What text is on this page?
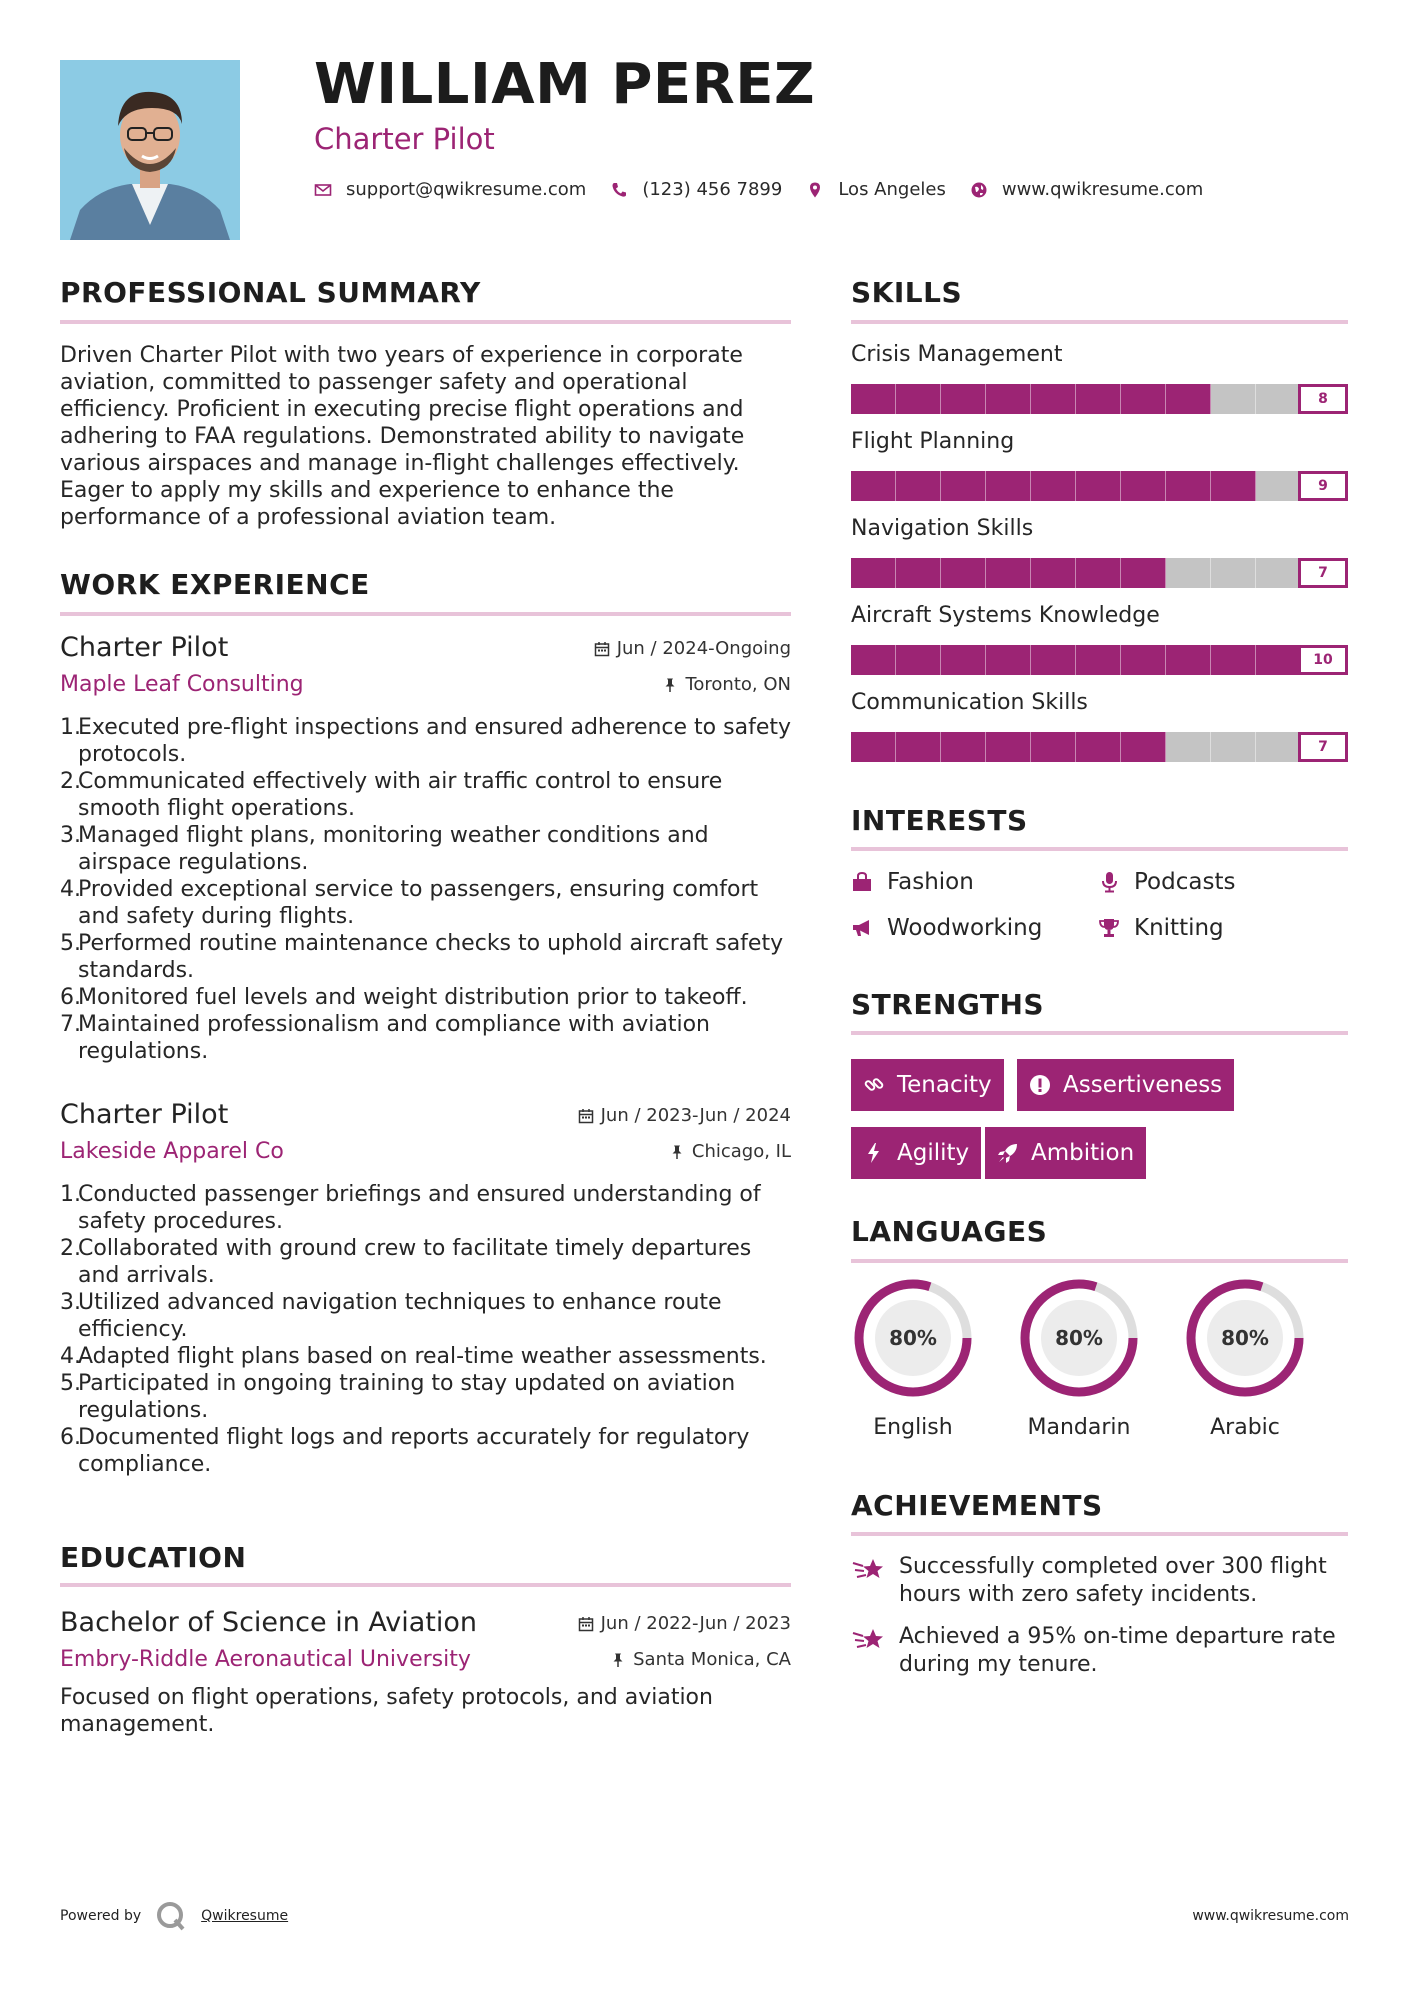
WILLIAM PEREZ
Charter Pilot
support@qwikresume.com	(123) 456 7899	Los Angeles	www.qwikresume.com
PROFESSIONAL SUMMARY
Driven Charter Pilot with two years of experience in corporate aviation, committed to passenger safety and operational efficiency. Proficient in executing precise flight operations and adhering to FAA regulations. Demonstrated ability to navigate various airspaces and manage in-flight challenges effectively. Eager to apply my skills and experience to enhance the performance of a professional aviation team.
WORK EXPERIENCE
Charter Pilot
Maple Leaf Consulting
Jun / 2024-Ongoing
Toronto, ON
1.
Executed pre-flight inspections and ensured adherence to safety protocols.
2.
Communicated effectively with air traffic control to ensure smooth flight operations.
3.
Managed flight plans, monitoring weather conditions and airspace regulations.
4.
Provided exceptional service to passengers, ensuring comfort and safety during flights.
5.
Performed routine maintenance checks to uphold aircraft safety standards.
6.
Monitored fuel levels and weight distribution prior to takeoff.
7.
Maintained professionalism and compliance with aviation regulations.
Charter Pilot
Lakeside Apparel Co
Jun / 2023-Jun / 2024
Chicago, IL
1.
Conducted passenger briefings and ensured understanding of safety procedures.
2.
Collaborated with ground crew to facilitate timely departures and arrivals.
3.
Utilized advanced navigation techniques to enhance route efficiency.
4.
Adapted flight plans based on real-time weather assessments.
5.
Participated in ongoing training to stay updated on aviation regulations.
6.
Documented flight logs and reports accurately for regulatory compliance.
EDUCATION
Bachelor of Science in Aviation
Embry-Riddle Aeronautical University
Jun / 2022-Jun / 2023
Santa Monica, CA
Focused on flight operations, safety protocols, and aviation management.
SKILLS
Crisis Management
8
Flight Planning
9
Navigation Skills
7
Aircraft Systems Knowledge
10
Communication Skills
7
INTERESTS
Fashion	Podcasts
Woodworking	Knitting
STRENGTHS
Tenacity	Assertiveness
Agility	Ambition
LANGUAGES
80%
English
80%
Mandarin
80%
Arabic
ACHIEVEMENTS
Successfully completed over 300 flight hours with zero safety incidents.
Achieved a 95% on-time departure rate during my tenure.
Powered by	Qwikresume	www.qwikresume.com
